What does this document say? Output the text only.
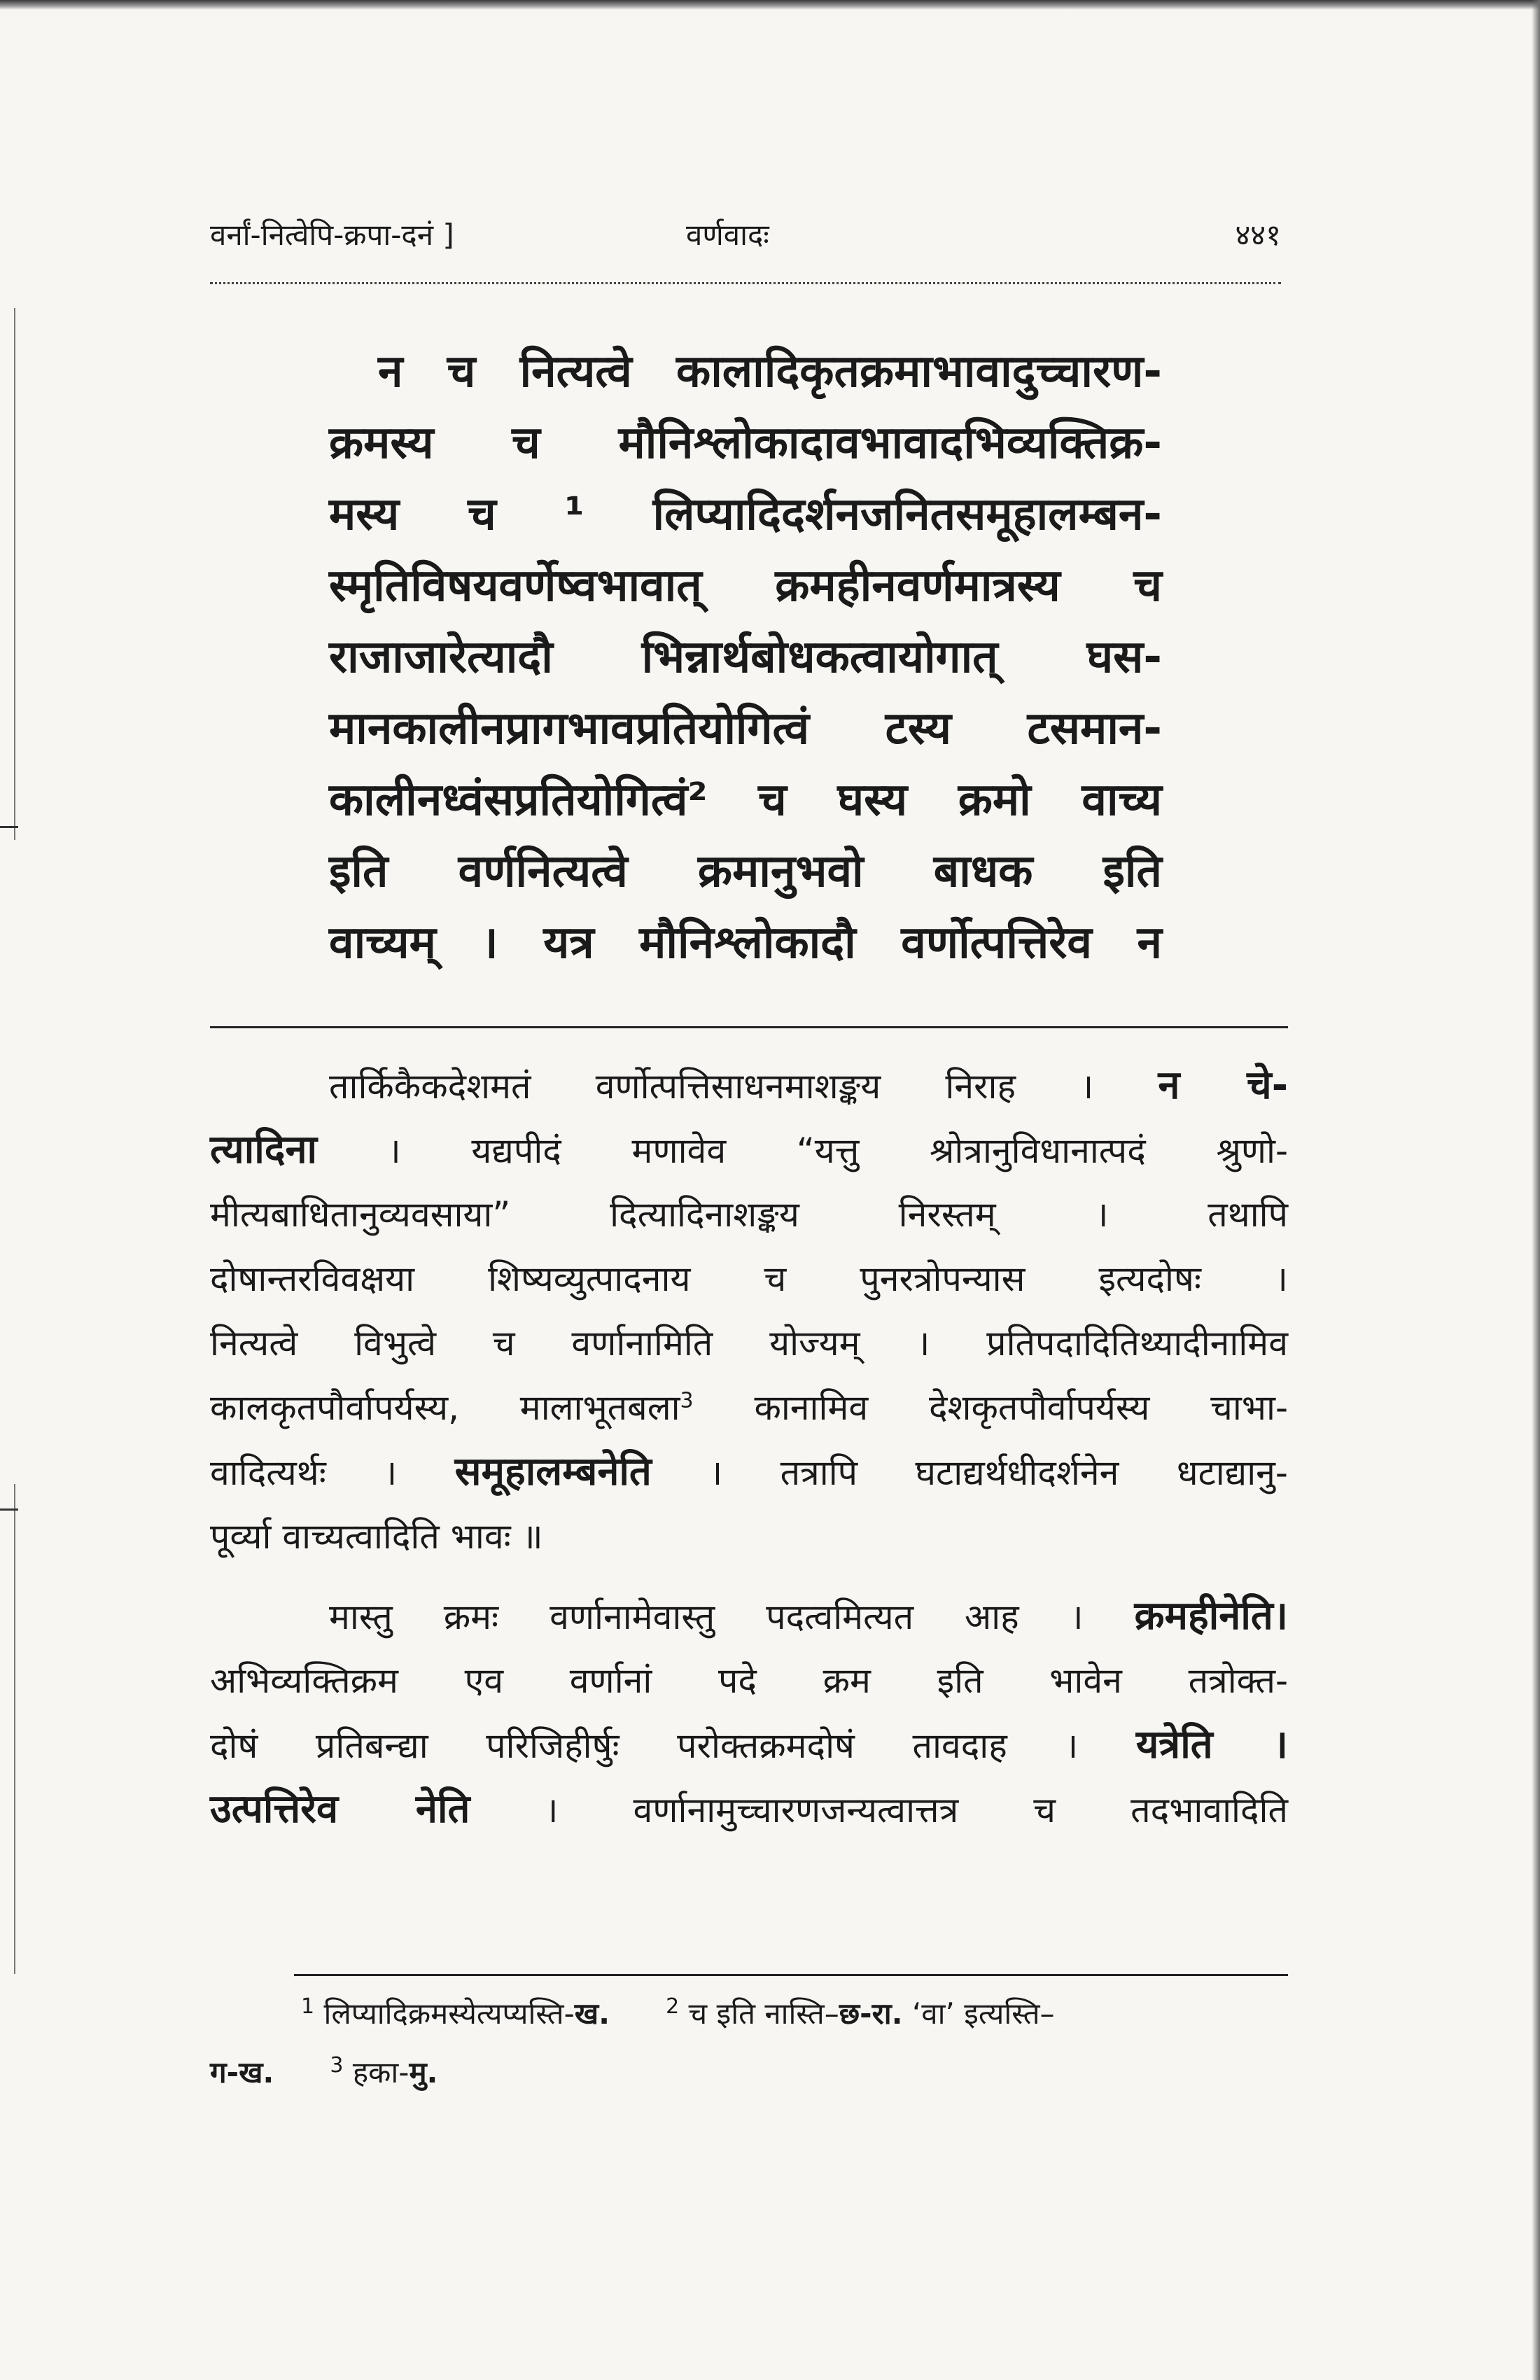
वर्नां-नित्वेपि-क्रपा-दनं ]	वर्णवादः	४४१
न च नित्यत्वे कालादिकृतक्रमाभावादुच्चारण-
क्रमस्य च मौनिश्लोकादावभावादभिव्यक्तिक्र-
मस्य च ¹ लिप्यादिदर्शनजनितसमूहालम्बन-
स्मृतिविषयवर्णेष्वभावात् क्रमहीनवर्णमात्रस्य च
राजाजारेत्यादौ भिन्नार्थबोधकत्वायोगात् घस-
मानकालीनप्रागभावप्रतियोगित्वं टस्य टसमान-
कालीनध्वंसप्रतियोगित्वं² च घस्य क्रमो वाच्य
इति वर्णनित्यत्वे क्रमानुभवो बाधक इति
वाच्यम् । यत्र मौनिश्लोकादौ वर्णोत्पत्तिरेव न
तार्किकैकदेशमतं वर्णोत्पत्तिसाधनमाशङ्कय निराह । न चे-
त्यादिना । यद्यपीदं मणावेव “यत्तु श्रोत्रानुविधानात्पदं श्रुणो-
मीत्यबाधितानुव्यवसाया” दित्यादिनाशङ्कय निरस्तम् । तथापि
दोषान्तरविवक्षया शिष्यव्युत्पादनाय च पुनरत्रोपन्यास इत्यदोषः ।
नित्यत्वे विभुत्वे च वर्णानामिति योज्यम् । प्रतिपदादितिथ्यादीनामिव
कालकृतपौर्वापर्यस्य, मालाभूतबला$^3$ कानामिव देशकृतपौर्वापर्यस्य चाभा-
वादित्यर्थः । समूहालम्बनेति । तत्रापि घटाद्यर्थधीदर्शनेन धटाद्यानु-
पूर्व्या वाच्यत्वादिति भावः ॥
मास्तु क्रमः वर्णानामेवास्तु पदत्वमित्यत आह । क्रमहीनेति।
अभिव्यक्तिक्रम एव वर्णानां पदे क्रम इति भावेन तत्रोक्त-
दोषं प्रतिबन्द्या परिजिहीर्षुः परोक्तक्रमदोषं तावदाह । यत्रेति ।
उत्पत्तिरेव नेति । वर्णानामुच्चारणजन्यत्वात्तत्र च तदभावादिति
$^1$ लिप्यादिक्रमस्येत्यप्यस्ति-ख.	$^2$ च इति नास्ति–छ-रा. ‘वा’ इत्यस्ति–
ग-ख.	$^3$ हका-मु.
